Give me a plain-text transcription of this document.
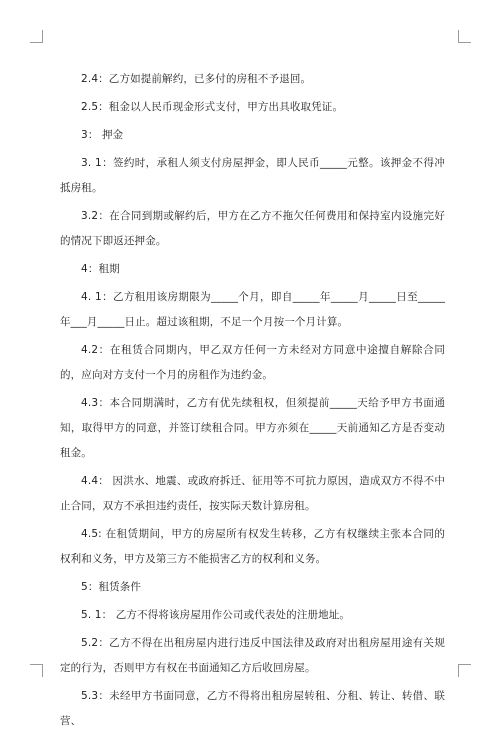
2.4：乙方如提前解约，已多付的房租不予退回。

2.5：租金以人民币现金形式支付，甲方出具收取凭证。

3： 押金

3. 1：签约时，承租人须支付房屋押金，即人民币_____元整。该押金不得冲抵房租。

3.2：在合同到期或解约后，甲方在乙方不拖欠任何费用和保持室内设施完好的情况下即返还押金。

4：租期

4. 1：乙方租用该房期限为_____个月，即自_____年_____月_____日至_____年___月_____日止。超过该租期，不足一个月按一个月计算。

4.2：在租赁合同期内，甲乙双方任何一方未经对方同意中途擅自解除合同的，应向对方支付一个月的房租作为违约金。

4.3：本合同期满时，乙方有优先续租权，但须提前_____天给予甲方书面通知，取得甲方的同意，并签订续租合同。甲方亦须在_____天前通知乙方是否变动租金。

4.4： 因洪水、地震、或政府拆迁、征用等不可抗力原因，造成双方不得不中止合同，双方不承担违约责任，按实际天数计算房租。

4.5: 在租赁期间，甲方的房屋所有权发生转移，乙方有权继续主张本合同的权利和义务，甲方及第三方不能损害乙方的权利和义务。

5：租赁条件

5. 1： 乙方不得将该房屋用作公司或代表处的注册地址。

5.2：乙方不得在出租房屋内进行违反中国法律及政府对出租房屋用途有关规定的行为，否则甲方有权在书面通知乙方后收回房屋。

5.3：未经甲方书面同意，乙方不得将出租房屋转租、分租、转让、转借、联营、
